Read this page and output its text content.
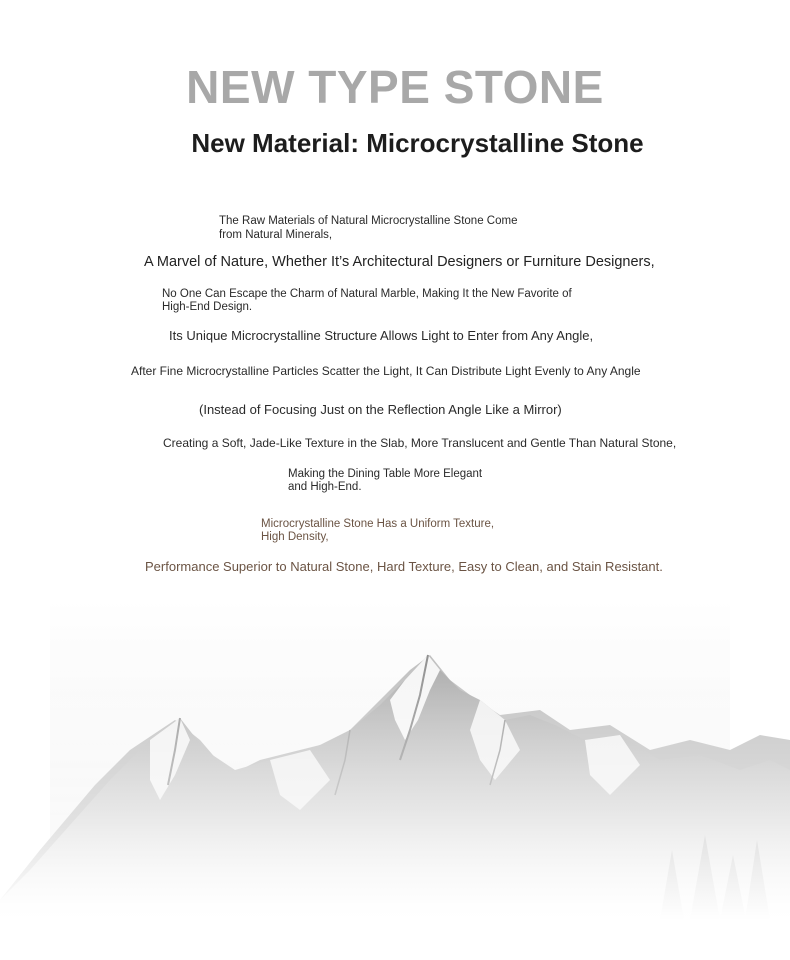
NEW TYPE STONE
New Material: Microcrystalline Stone

The Raw Materials of Natural Microcrystalline Stone Come

from Natural Minerals,

A Marvel of Nature, Whether It’s Architectural Designers or Furniture Designers,

No One Can Escape the Charm of Natural Marble, Making It the New Favorite of

High-End Design.

Its Unique Microcrystalline Structure Allows Light to Enter from Any Angle,

After Fine Microcrystalline Particles Scatter the Light, It Can Distribute Light Evenly to Any Angle

(Instead of Focusing Just on the Reflection Angle Like a Mirror)

Creating a Soft, Jade-Like Texture in the Slab, More Translucent and Gentle Than Natural Stone,

Making the Dining Table More Elegant

and High-End.

Microcrystalline Stone Has a Uniform Texture,

High Density,

Performance Superior to Natural Stone, Hard Texture, Easy to Clean, and Stain Resistant.
